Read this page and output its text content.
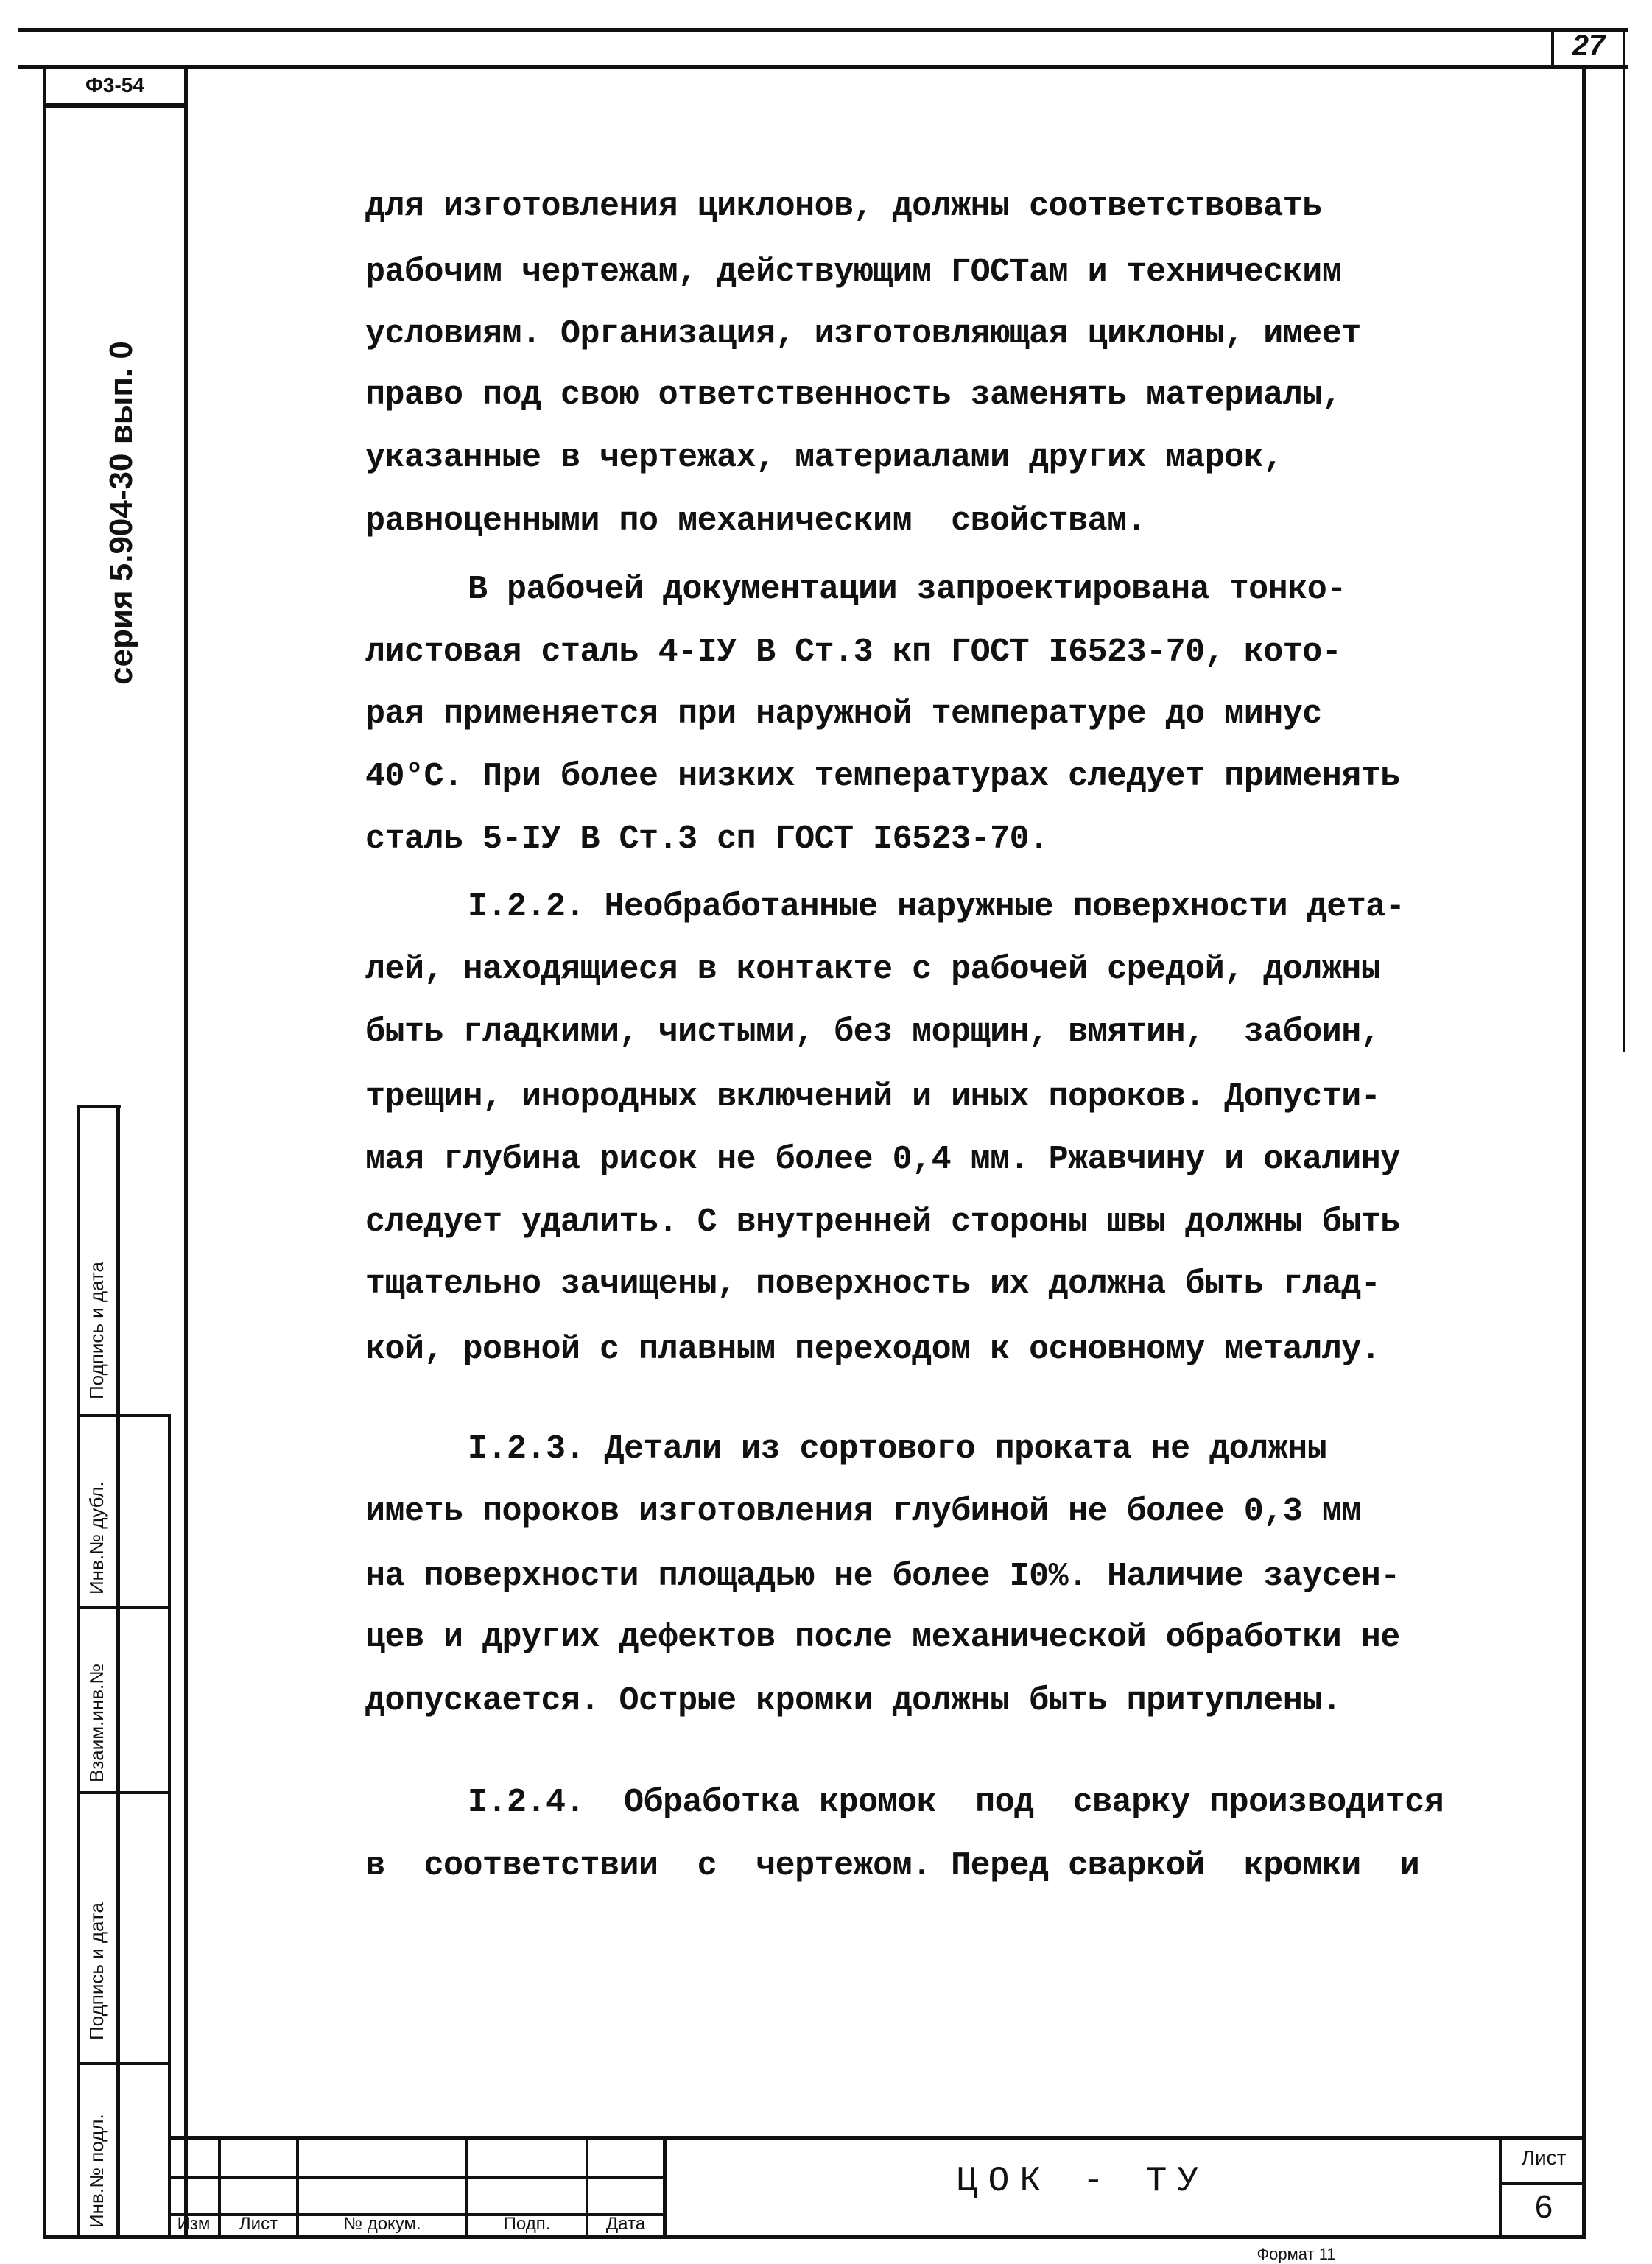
27
Ф3-54
серия 5.904-30 вып. 0
Подпись и дата
Инв.№ дубл.
Взаим.инв.№
Подпись и дата
Инв.№ подл.
для изготовления циклонов, должны соответствовать
рабочим чертежам, действующим ГОСТам и техническим
условиям. Организация, изготовляющая циклоны, имеет
право под свою ответственность заменять материалы,
указанные в чертежах, материалами других марок,
равноценными по механическим  свойствам.
В рабочей документации запроектирована тонко-
листовая сталь 4-IУ В Ст.3 кп ГОСТ I6523-70, кото-
рая применяется при наружной температуре до минус
40°С. При более низких температурах следует применять
сталь 5-IУ В Ст.3 сп ГОСТ I6523-70.
I.2.2. Необработанные наружные поверхности дета-
лей, находящиеся в контакте с рабочей средой, должны
быть гладкими, чистыми, без морщин, вмятин,  забоин,
трещин, инородных включений и иных пороков. Допусти-
мая глубина рисок не более 0,4 мм. Ржавчину и окалину
следует удалить. С внутренней стороны швы должны быть
тщательно зачищены, поверхность их должна быть глад-
кой, ровной с плавным переходом к основному металлу.
I.2.3. Детали из сортового проката не должны
иметь пороков изготовления глубиной не более 0,3 мм
на поверхности площадью не более I0%. Наличие заусен-
цев и других дефектов после механической обработки не
допускается. Острые кромки должны быть притуплены.
I.2.4.  Обработка кромок  под  сварку производится
в  соответствии  с  чертежом. Перед сваркой  кромки  и
Изм	Лист	№ докум.	Подп.	Дата
ЦОК - ТУ
Лист
6
Формат 11
